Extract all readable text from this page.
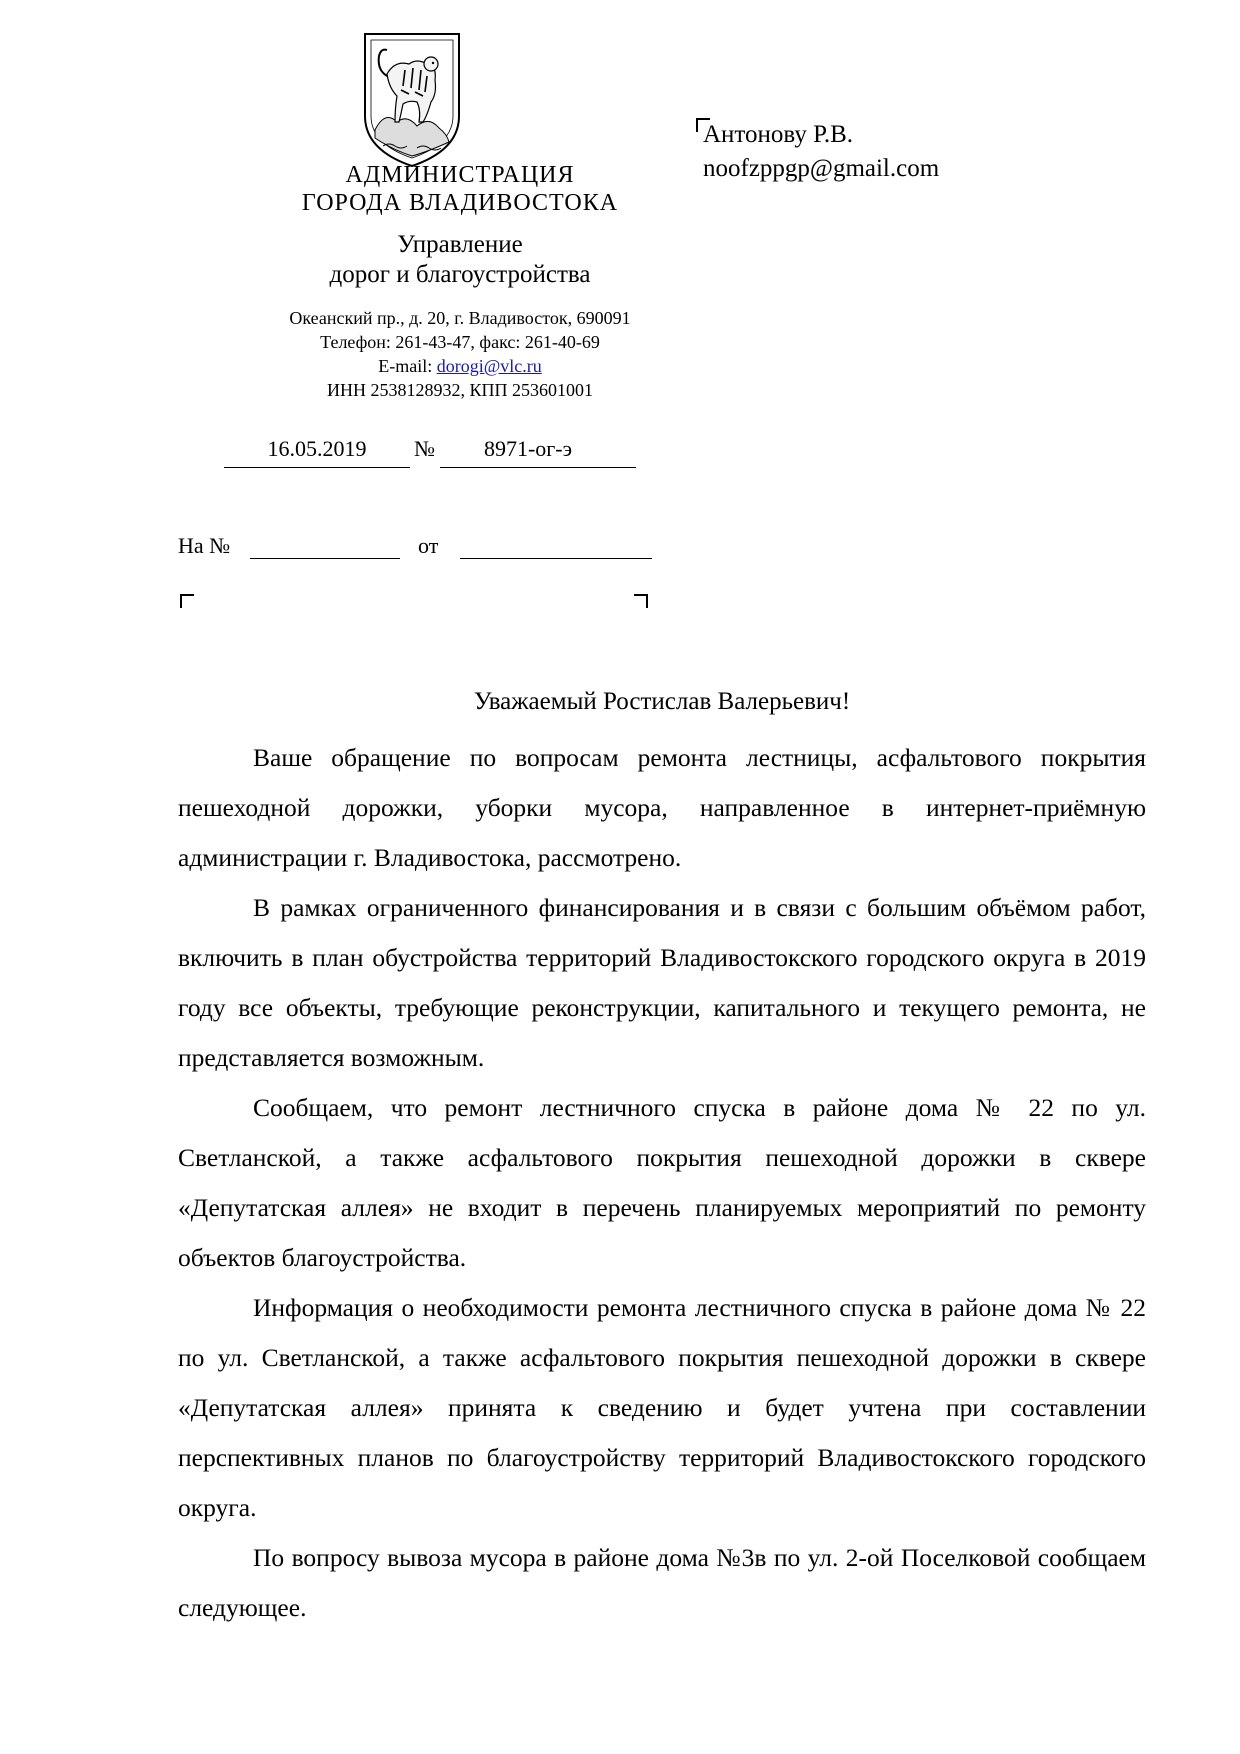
АДМИНИСТРАЦИЯ
ГОРОДА ВЛАДИВОСТОКА
Управление
дорог и благоустройства
Океанский пр., д. 20, г. Владивосток, 690091
Телефон: 261-43-47, факс: 261-40-69
E-mail: dorogi@vlc.ru
ИНН 2538128932, КПП 253601001
16.05.2019	№	8971-ог-э
На №	от
Антонову Р.В.
noofzppgp@gmail.com
Уважаемый Ростислав Валерьевич!

Ваше обращение по вопросам ремонта лестницы, асфальтового покрытия пешеходной дорожки, уборки мусора, направленное в интернет-приёмную администрации г. Владивостока, рассмотрено.

В рамках ограниченного финансирования и в связи с большим объёмом работ, включить в план обустройства территорий Владивостокского городского округа в 2019 году все объекты, требующие реконструкции, капитального и текущего ремонта, не представляется возможным.

Сообщаем, что ремонт лестничного спуска в районе дома № 22 по ул. Светланской, а также асфальтового покрытия пешеходной дорожки в сквере «Депутатская аллея» не входит в перечень планируемых мероприятий по ремонту объектов благоустройства.

Информация о необходимости ремонта лестничного спуска в районе дома № 22 по ул. Светланской, а также асфальтового покрытия пешеходной дорожки в сквере «Депутатская аллея» принята к сведению и будет учтена при составлении перспективных планов по благоустройству территорий Владивостокского городского округа.

По вопросу вывоза мусора в районе дома №3в по ул. 2-ой Поселковой сообщаем следующее.
